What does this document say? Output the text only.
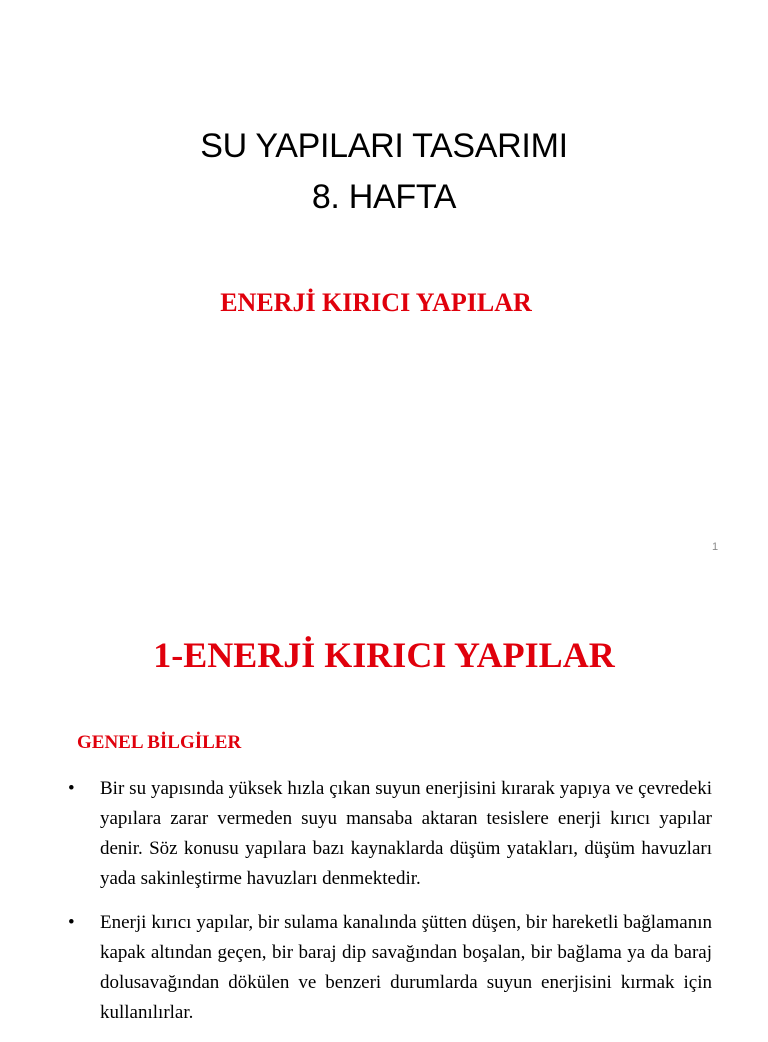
SU YAPILARI TASARIMI
8. HAFTA
ENERJİ KIRICI YAPILAR
1
1-ENERJİ KIRICI YAPILAR
GENEL BİLGİLER
• Bir su yapısında yüksek hızla çıkan suyun enerjisini kırarak yapıya ve çevredeki yapılara zarar vermeden suyu mansaba aktaran tesislere enerji kırıcı yapılar denir. Söz konusu yapılara bazı kaynaklarda düşüm yatakları, düşüm havuzları yada sakinleştirme havuzları denmektedir.
• Enerji kırıcı yapılar, bir sulama kanalında şütten düşen, bir hareketli bağlamanın kapak altından geçen, bir baraj dip savağından boşalan, bir bağlama ya da baraj dolusavağından dökülen ve benzeri durumlarda suyun enerjisini kırmak için kullanılırlar.
